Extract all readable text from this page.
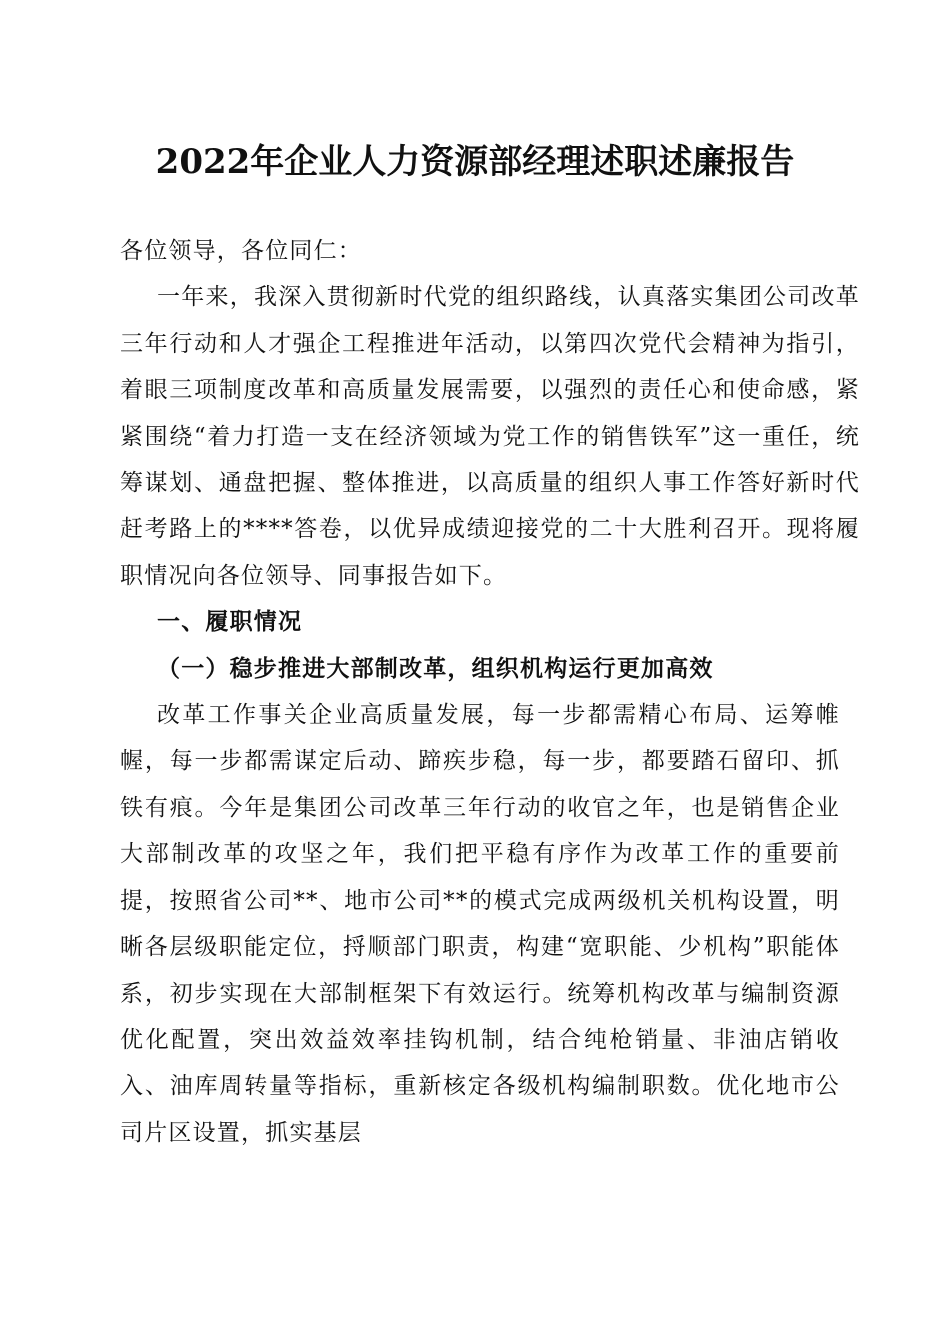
2022年企业人力资源部经理述职述廉报告

各位领导，各位同仁：

一年来，我深入贯彻新时代党的组织路线，认真落实集团公司改革三年行动和人才强企工程推进年活动，以第四次党代会精神为指引，着眼三项制度改革和高质量发展需要，以强烈的责任心和使命感，紧紧围绕“着力打造一支在经济领域为党工作的销售铁军”这一重任，统筹谋划、通盘把握、整体推进，以高质量的组织人事工作答好新时代赶考路上的****答卷，以优异成绩迎接党的二十大胜利召开。现将履职情况向各位领导、同事报告如下。

一、履职情况

（一）稳步推进大部制改革，组织机构运行更加高效

改革工作事关企业高质量发展，每一步都需精心布局、运筹帷幄，每一步都需谋定后动、蹄疾步稳，每一步，都要踏石留印、抓铁有痕。今年是集团公司改革三年行动的收官之年，也是销售企业大部制改革的攻坚之年，我们把平稳有序作为改革工作的重要前提，按照省公司**、地市公司**的模式完成两级机关机构设置，明晰各层级职能定位，捋顺部门职责，构建“宽职能、少机构”职能体系，初步实现在大部制框架下有效运行。统筹机构改革与编制资源优化配置，突出效益效率挂钩机制，结合纯枪销量、非油店销收入、油库周转量等指标，重新核定各级机构编制职数。优化地市公司片区设置，抓实基层
